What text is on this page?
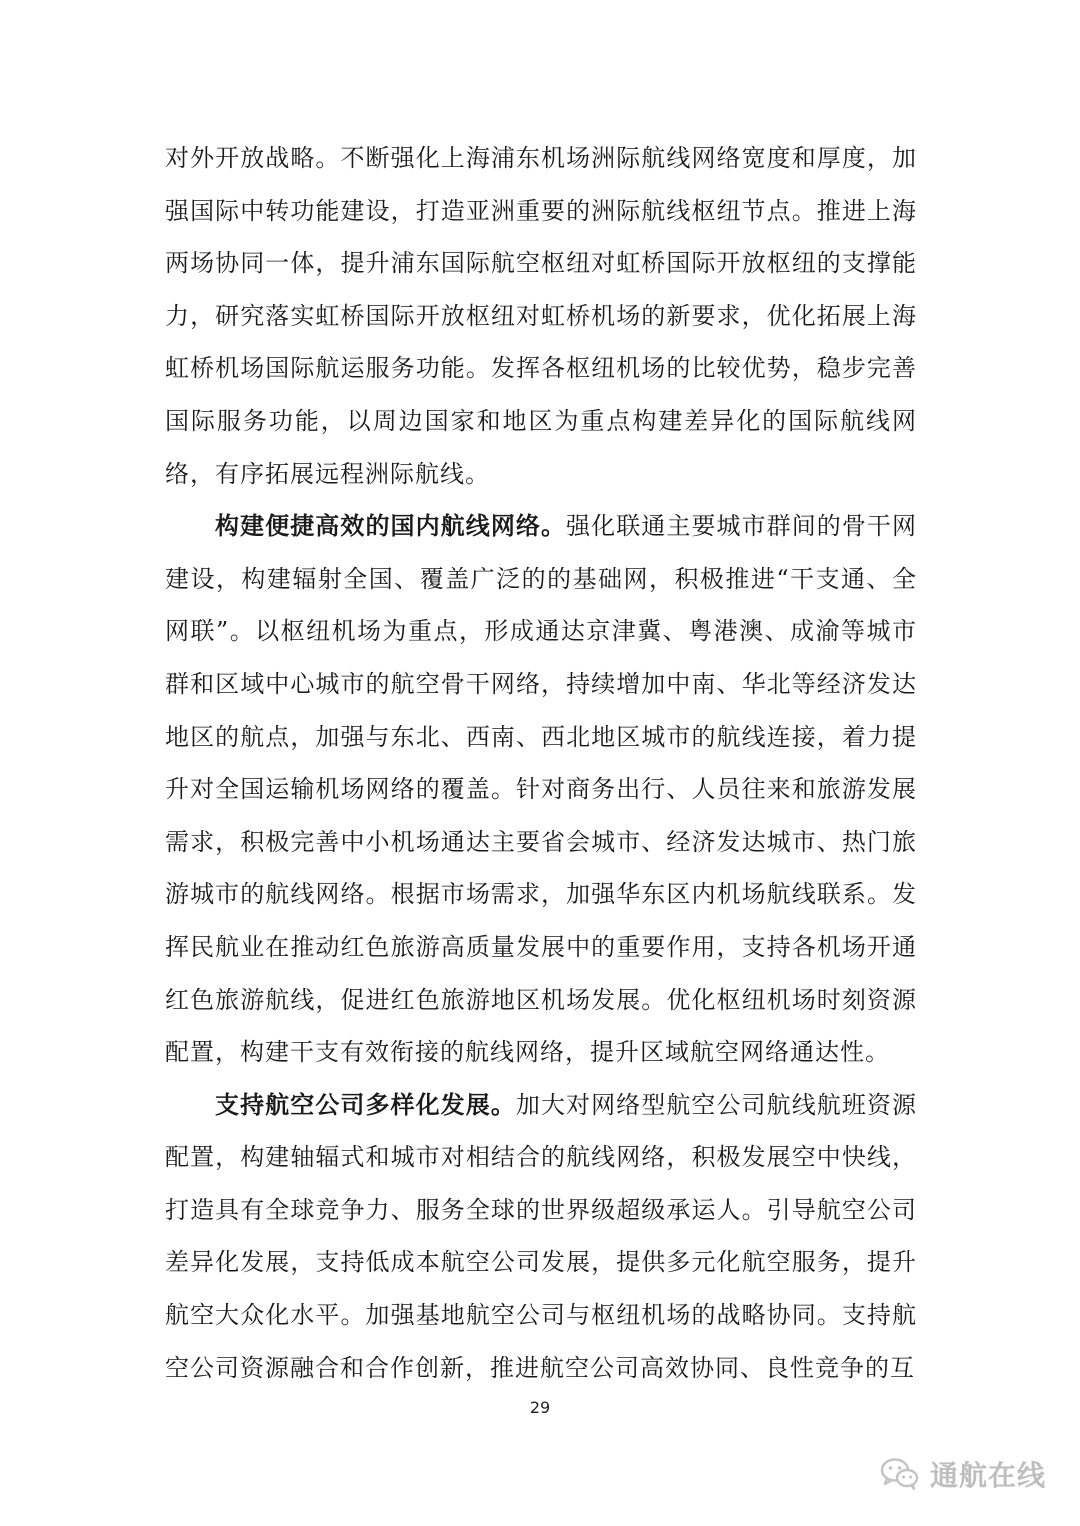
对外开放战略。不断强化上海浦东机场洲际航线网络宽度和厚度，加强国际中转功能建设，打造亚洲重要的洲际航线枢纽节点。推进上海两场协同一体，提升浦东国际航空枢纽对虹桥国际开放枢纽的支撑能力，研究落实虹桥国际开放枢纽对虹桥机场的新要求，优化拓展上海虹桥机场国际航运服务功能。发挥各枢纽机场的比较优势，稳步完善国际服务功能，以周边国家和地区为重点构建差异化的国际航线网络，有序拓展远程洲际航线。

构建便捷高效的国内航线网络。强化联通主要城市群间的骨干网建设，构建辐射全国、覆盖广泛的的基础网，积极推进“干支通、全网联”。以枢纽机场为重点，形成通达京津冀、粤港澳、成渝等城市群和区域中心城市的航空骨干网络，持续增加中南、华北等经济发达地区的航点，加强与东北、西南、西北地区城市的航线连接，着力提升对全国运输机场网络的覆盖。针对商务出行、人员往来和旅游发展需求，积极完善中小机场通达主要省会城市、经济发达城市、热门旅游城市的航线网络。根据市场需求，加强华东区内机场航线联系。发挥民航业在推动红色旅游高质量发展中的重要作用，支持各机场开通红色旅游航线，促进红色旅游地区机场发展。优化枢纽机场时刻资源配置，构建干支有效衔接的航线网络，提升区域航空网络通达性。

支持航空公司多样化发展。加大对网络型航空公司航线航班资源配置，构建轴辐式和城市对相结合的航线网络，积极发展空中快线，打造具有全球竞争力、服务全球的世界级超级承运人。引导航空公司差异化发展，支持低成本航空公司发展，提供多元化航空服务，提升航空大众化水平。加强基地航空公司与枢纽机场的战略协同。支持航空公司资源融合和合作创新，推进航空公司高效协同、良性竞争的互

29
通航在线
